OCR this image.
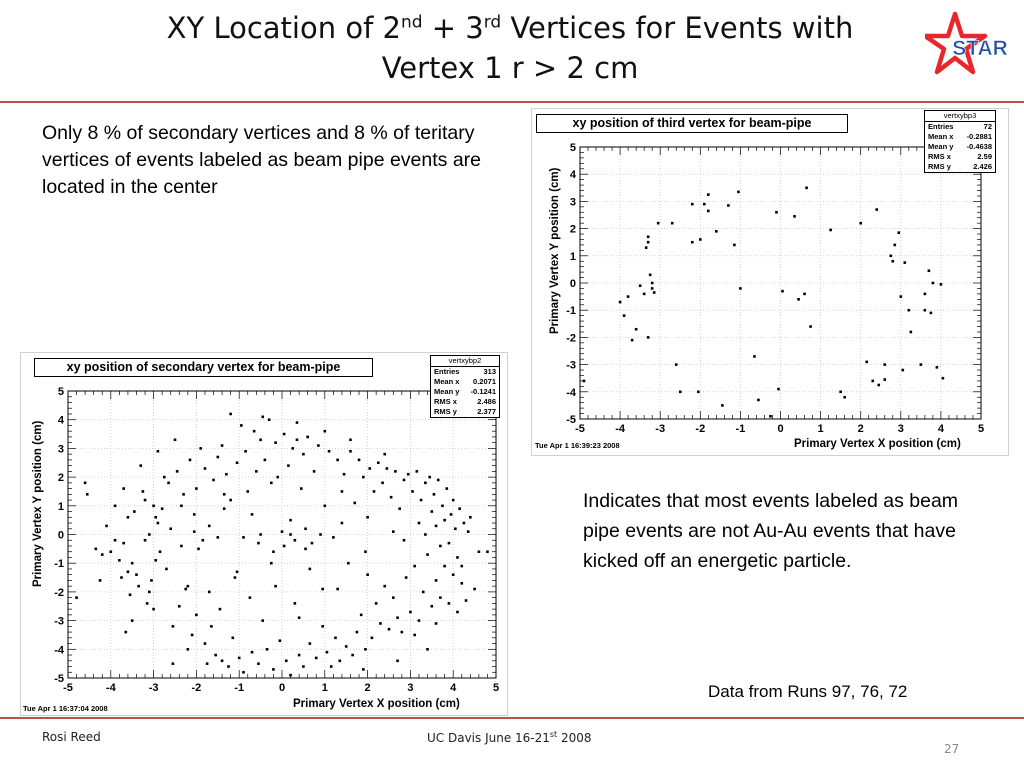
XY Location of 2nd + 3rd Vertices for Events with
Vertex 1 r > 2 cm
STAR
Only 8 % of secondary vertices and 8 % of teritary vertices of events labeled as beam pipe events are located in the center
-5	-4	-3	-2	-1	0	1	2	3	4	5
-5
-4
-3
-2
-1
0
1
2
3
4
5
xy position of third vertex for beam-pipe
vertxybp3
Entries	72
Mean x -0.2881
Mean y -0.4638
RMS x	2.59
RMS y	2.426
Primary Vertex X position (cm)
Primary Vertex Y position (cm)
Tue Apr 1 16:39:23 2008
-5	-4	-3	-2	-1	0	1	2	3	4	5
-5
-4
-3
-2
-1
0
1
2
3
4
5
xy position of secondary vertex for beam-pipe	vertxybp2
Entries	313
Mean x 0.2071
Mean y -0.1241
RMS x	2.486
RMS y	2.377
Primary Vertex X position (cm)
Primary Vertex Y position (cm)
Tue Apr 1 16:37:04 2008
Indicates that most events labeled as beam pipe events are not Au-Au events that have kicked off an energetic particle.
Data from Runs 97, 76, 72
Rosi Reed	UC Davis June 16-21st 2008
27
